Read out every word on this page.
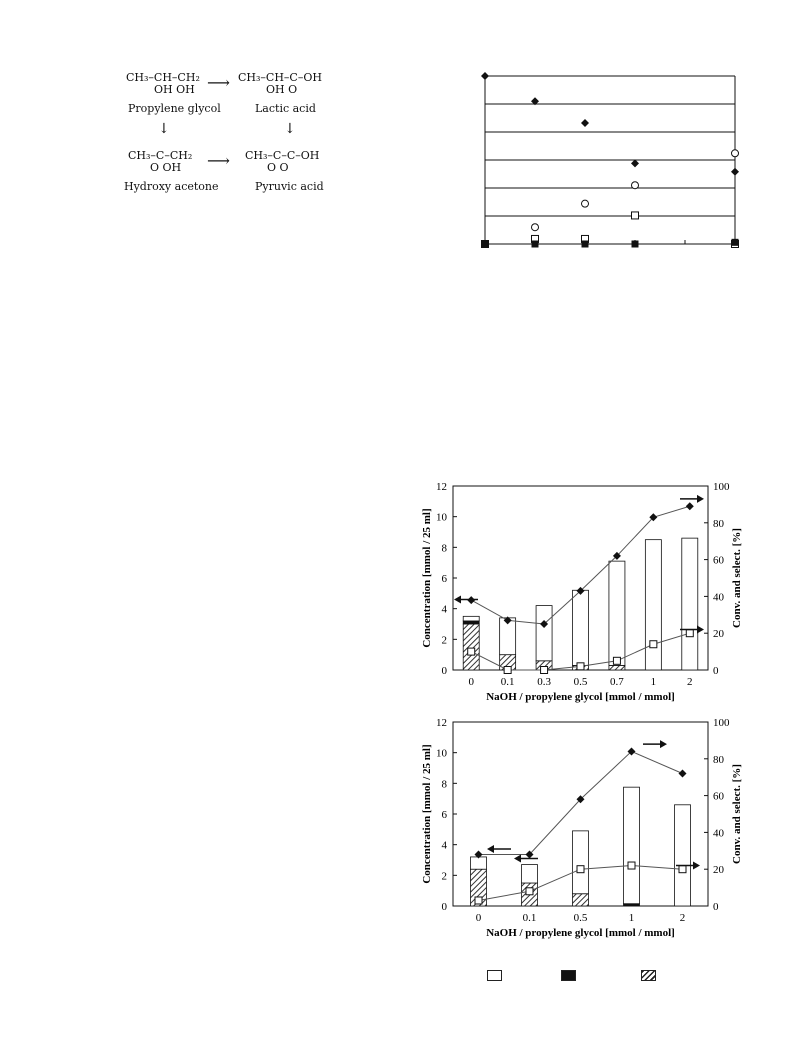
CH₃–CH–CH₂
OH OH
Propylene glycol
⟶ CH₃–CH–C–OH
OH O
Lactic acid
↓	↓
CH₃–C–CH₂
O OH
Hydroxy acetone
⟶ CH₃–C–C–OH
O O
Pyruvic acid
0
2
4
6
8
10
12
0
20
40
60
80
100
0 0.1 0.3 0.5 0.7 1	2
NaOH / propylene glycol [mmol / mmol]
Concentration [mmol / 25 ml]	Conv. and select. [%]
0
2
4
6
8
10
12
0
20
40
60
80
100
0	0.1	0.5	1	2
NaOH / propylene glycol [mmol / mmol]
Concentration [mmol / 25 ml]	Conv. and select. [%]
